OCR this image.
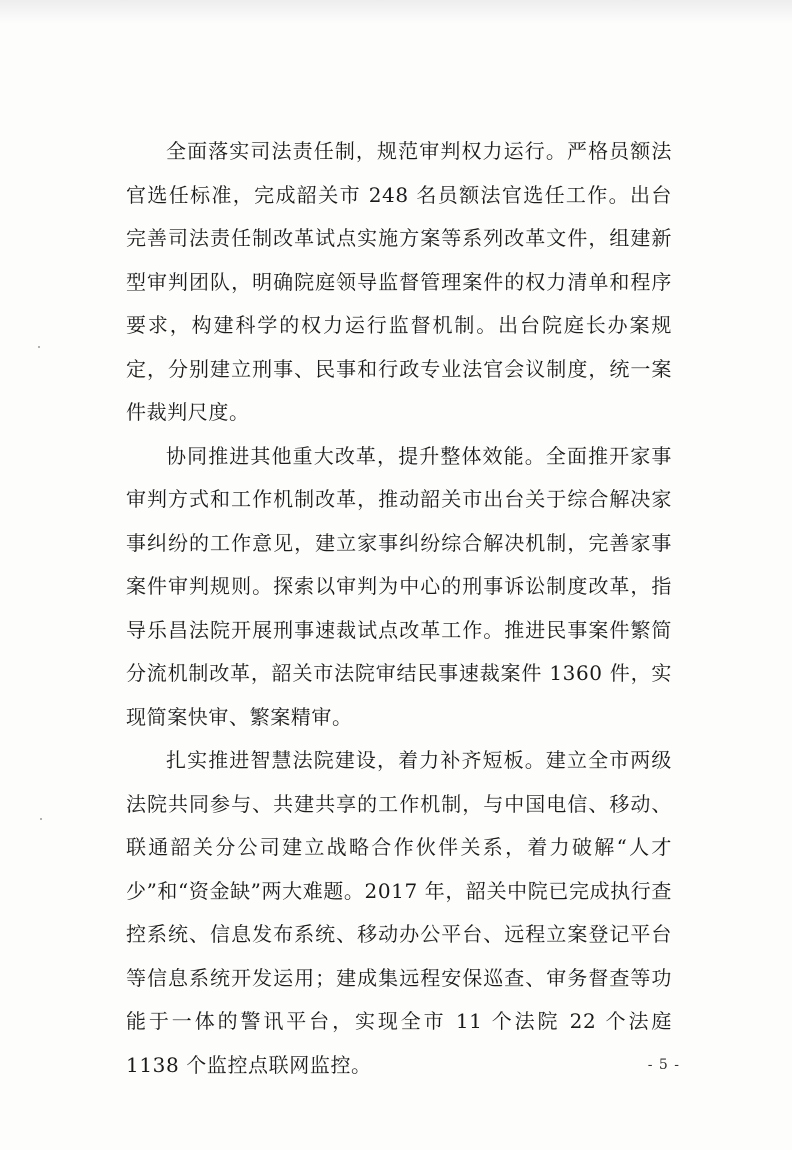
全面落实司法责任制，规范审判权力运行。严格员额法官选任标准，完成韶关市 248 名员额法官选任工作。出台完善司法责任制改革试点实施方案等系列改革文件，组建新型审判团队，明确院庭领导监督管理案件的权力清单和程序要求，构建科学的权力运行监督机制。出台院庭长办案规定，分别建立刑事、民事和行政专业法官会议制度，统一案件裁判尺度。

协同推进其他重大改革，提升整体效能。全面推开家事审判方式和工作机制改革，推动韶关市出台关于综合解决家事纠纷的工作意见，建立家事纠纷综合解决机制，完善家事案件审判规则。探索以审判为中心的刑事诉讼制度改革，指导乐昌法院开展刑事速裁试点改革工作。推进民事案件繁简分流机制改革，韶关市法院审结民事速裁案件 1360 件，实现简案快审、繁案精审。

扎实推进智慧法院建设，着力补齐短板。建立全市两级法院共同参与、共建共享的工作机制，与中国电信、移动、联通韶关分公司建立战略合作伙伴关系，着力破解“人才少”和“资金缺”两大难题。2017 年，韶关中院已完成执行查控系统、信息发布系统、移动办公平台、远程立案登记平台等信息系统开发运用；建成集远程安保巡查、审务督查等功能于一体的警讯平台，实现全市 11 个法院 22 个法庭 1138 个监控点联网监控。	- 5 -
